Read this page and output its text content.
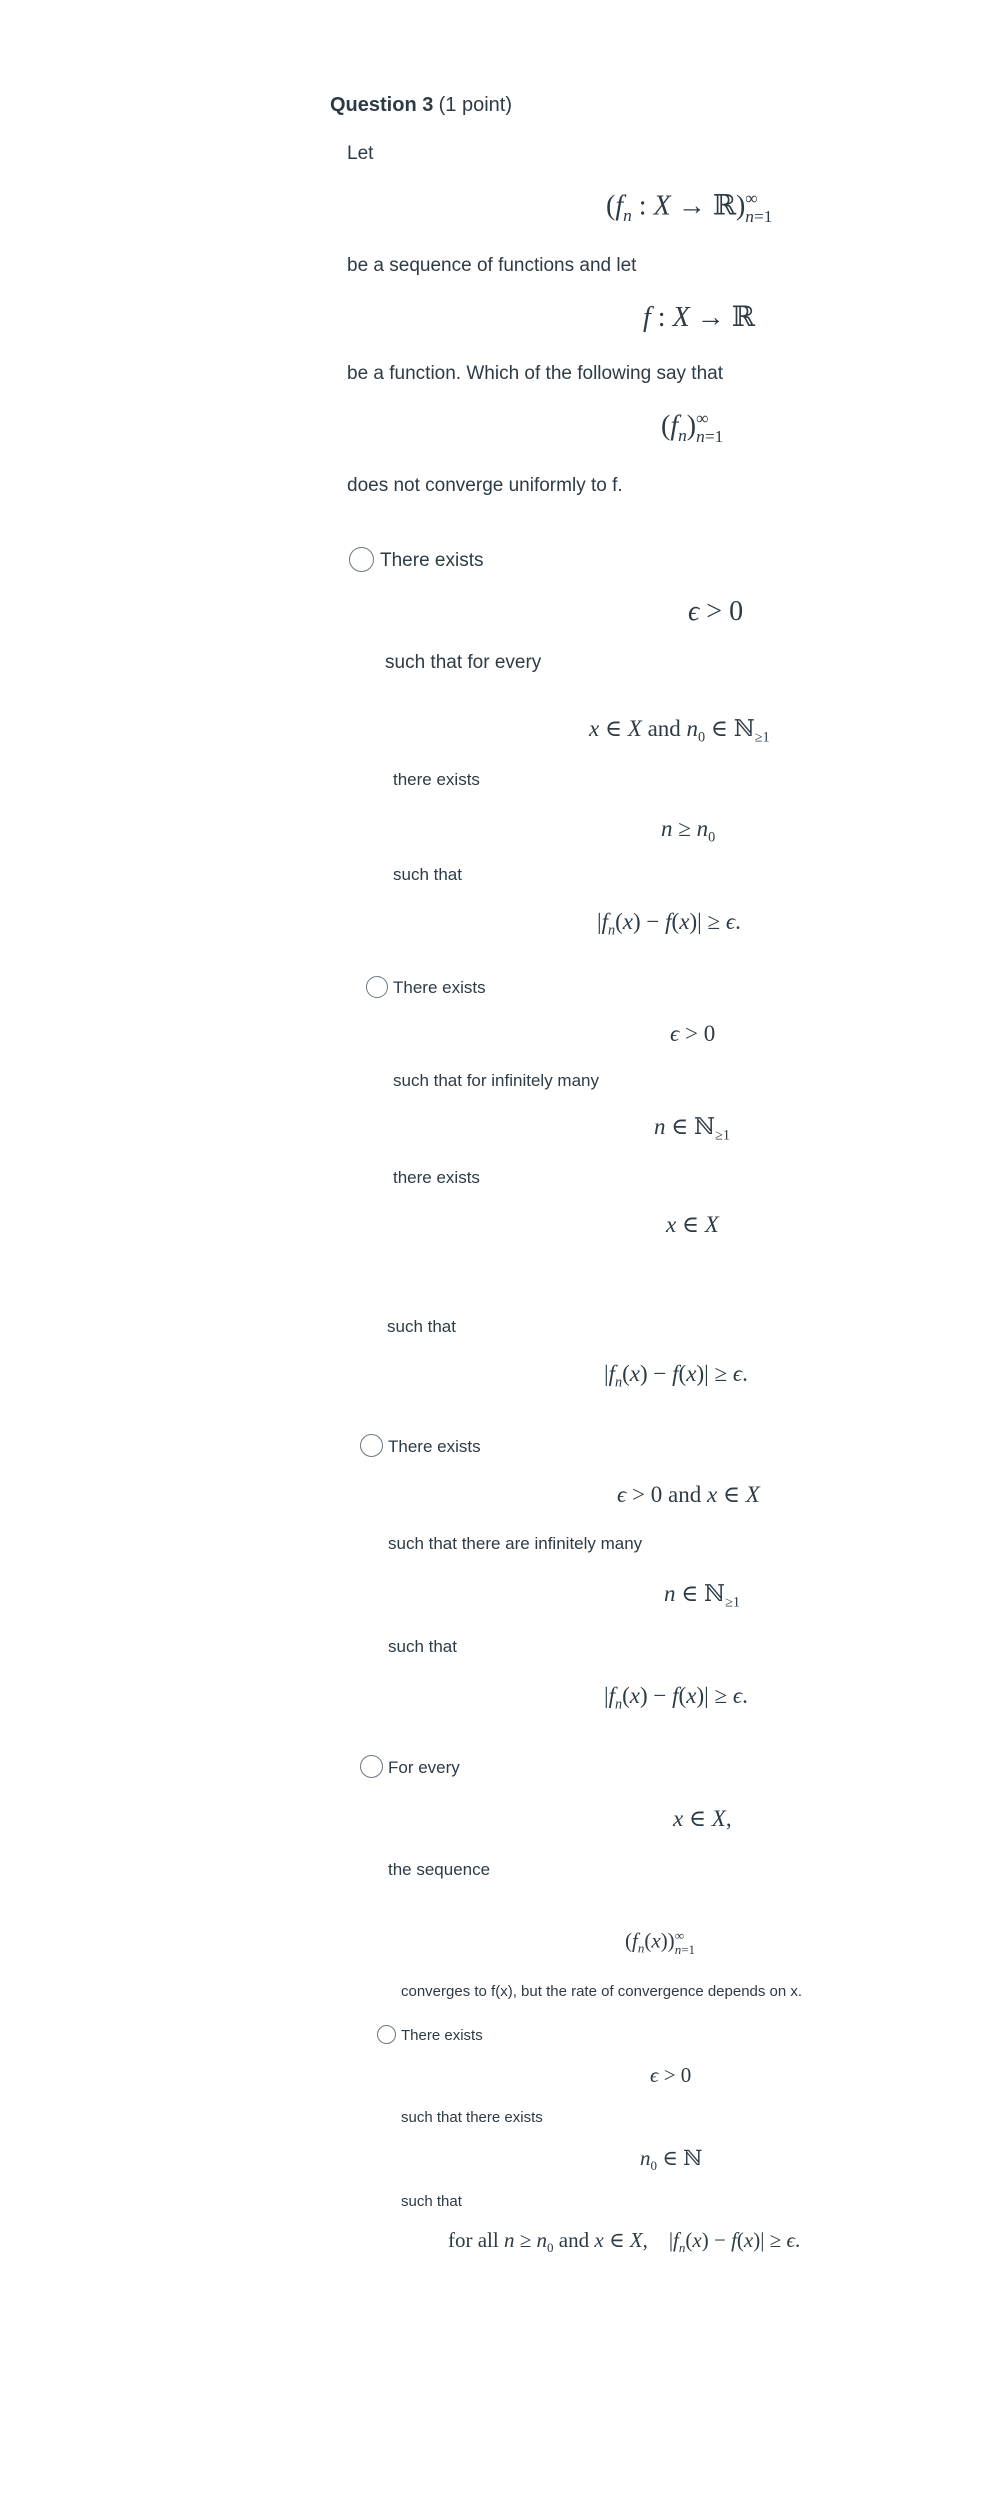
Question 3 (1 point)
Let
($f_n$ : X → ℝ) ∞
n=1
be a sequence of functions and let
f : X → ℝ
be a function. Which of the following say that
$(f_n)$ ∞
n=1
does not converge uniformly to f.
There exists
ϵ > 0
such that for every
x ∈ X and $n_0$ ∈ ℕ$_{\ge 1}$
there exists
$n \ge n_0$
such that
$|f_n(x) - f(x)| \ge \epsilon$.
There exists
ϵ > 0
such that for infinitely many
n ∈ ℕ$_{\ge 1}$
there exists
x ∈ X
such that
$|f_n(x) - f(x)| \ge \epsilon$.
There exists
ϵ > 0 and x ∈ X
such that there are infinitely many
n ∈ ℕ$_{\ge 1}$
such that
$|f_n(x) - f(x)| \ge \epsilon$.
For every
x ∈ X,
the sequence
$(f_n(x))$ ∞
n=1
converges to f(x), but the rate of convergence depends on x.
There exists
ϵ > 0
such that there exists
$n_0$ ∈ ℕ
such that
for all $n \ge n_0$ and x ∈ X,    $|f_n(x) - f(x)| \ge \epsilon$.
